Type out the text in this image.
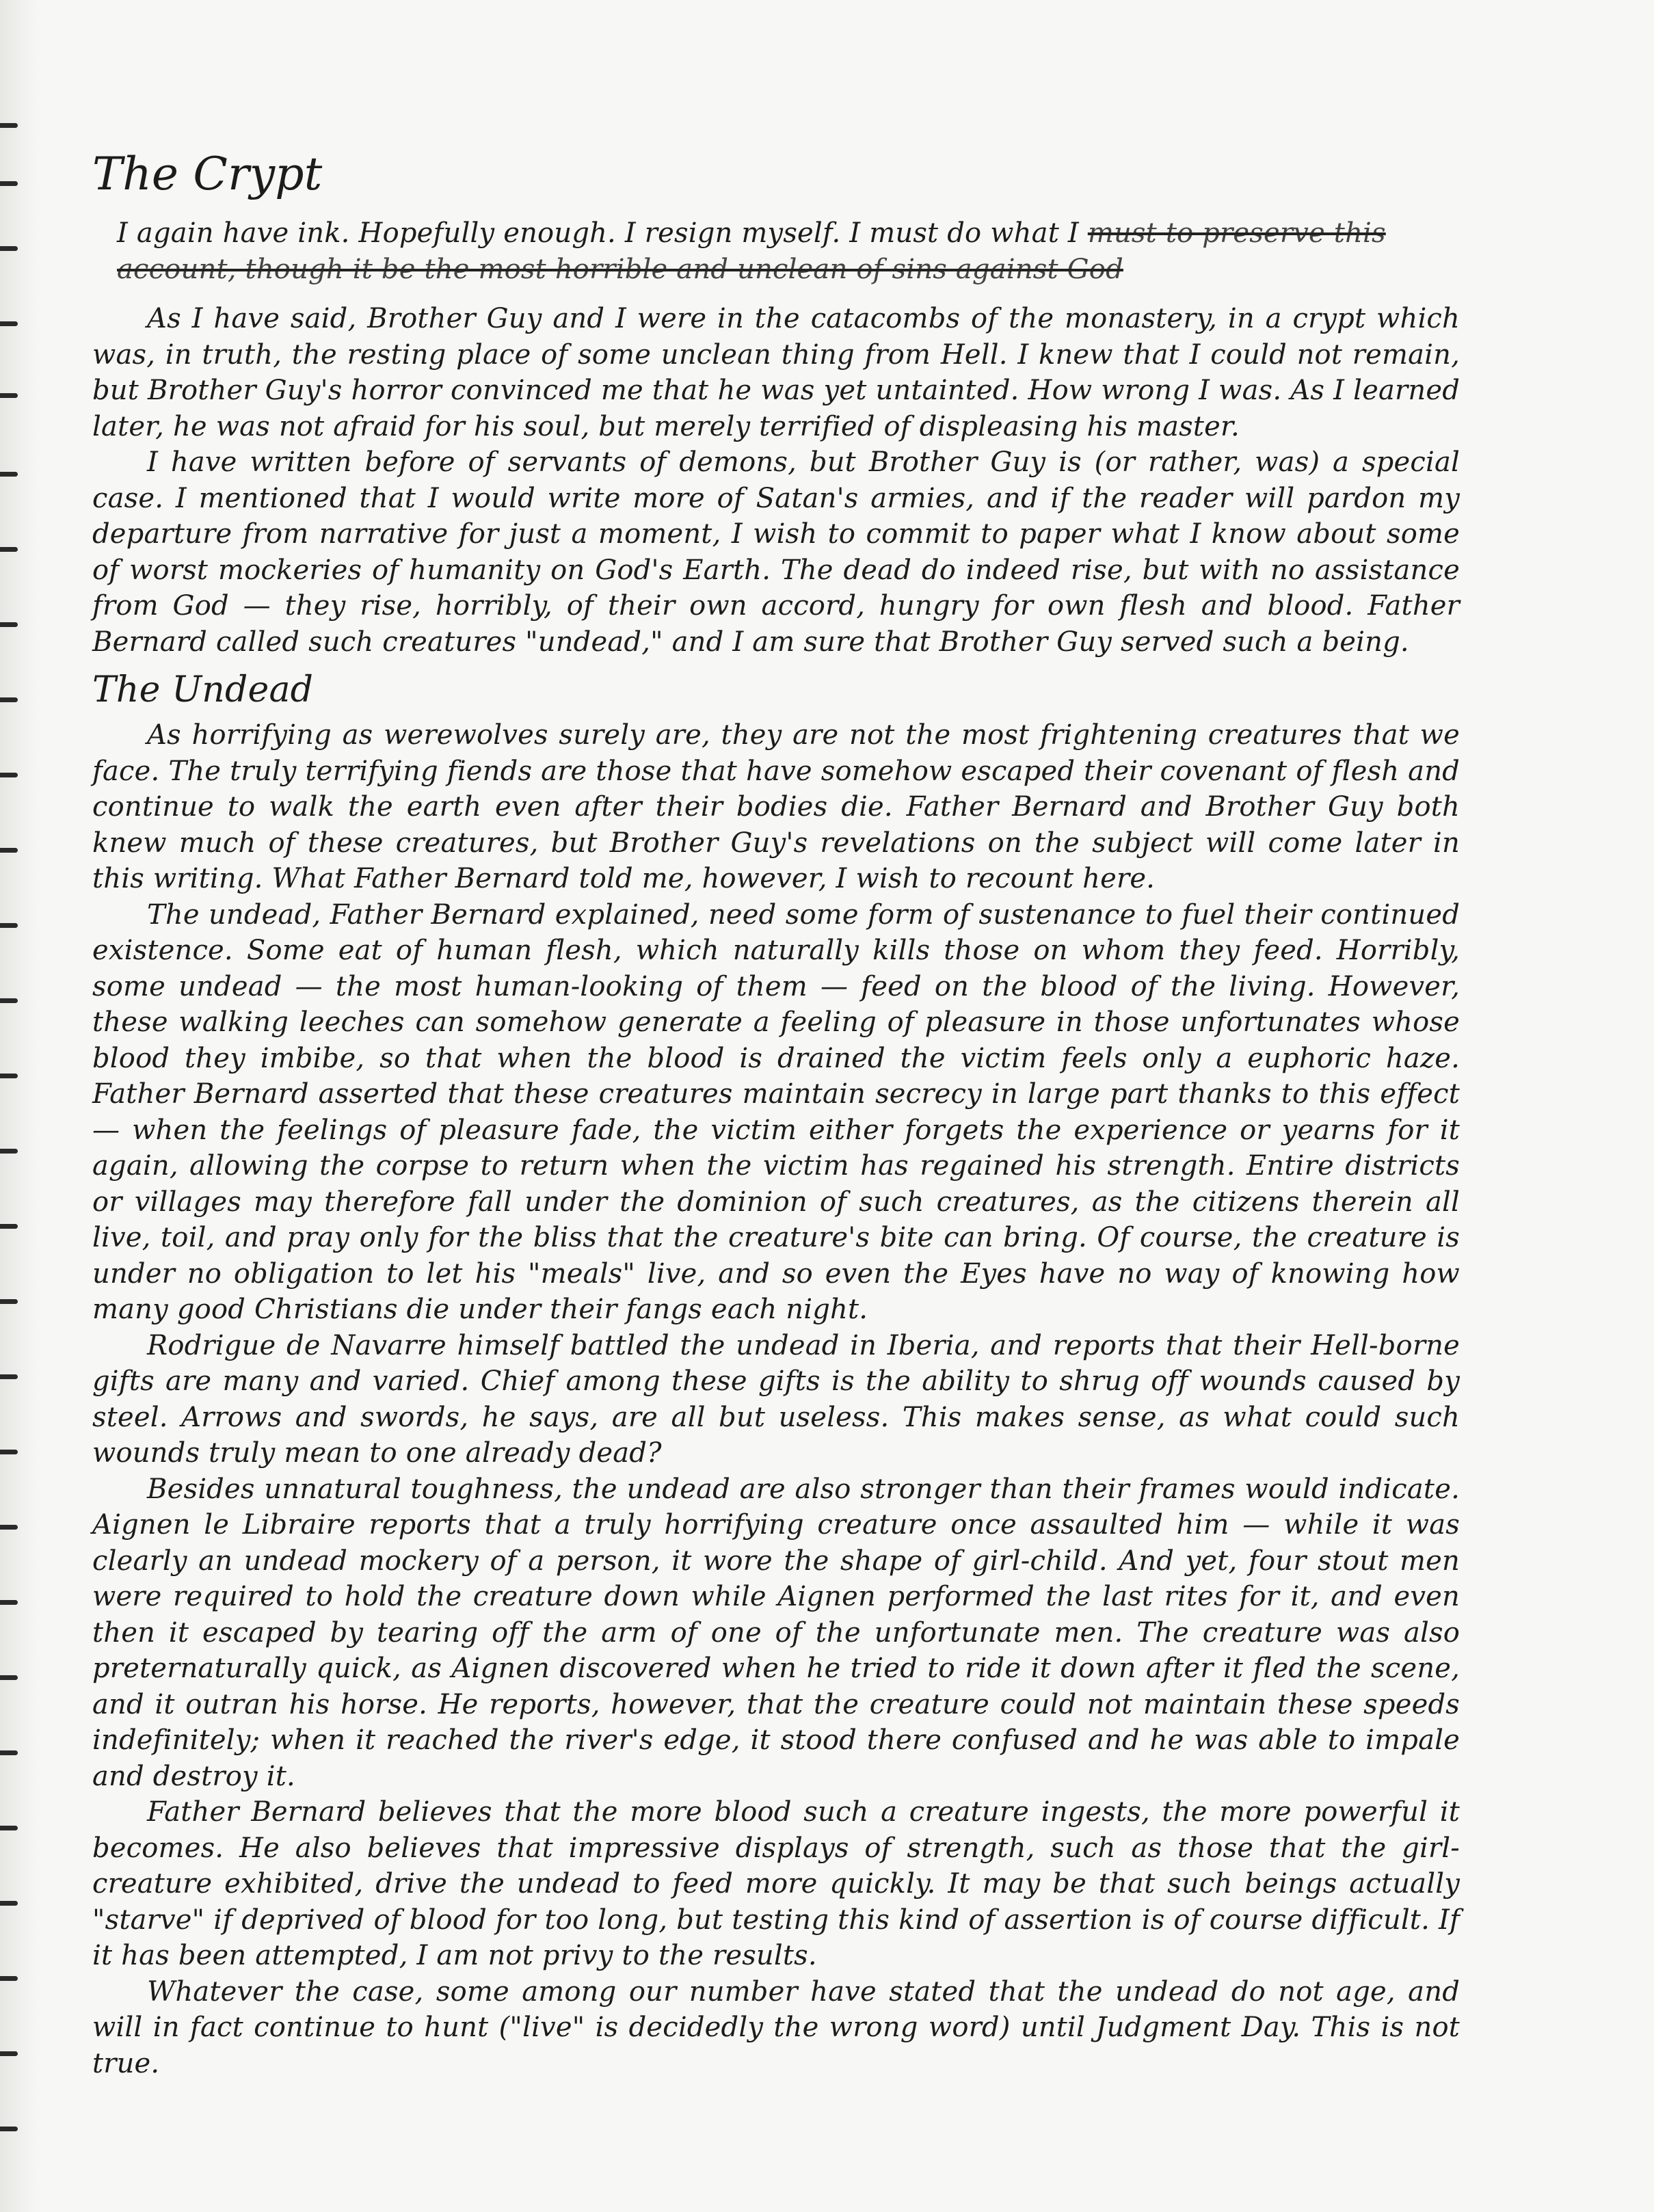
The Crypt
I again have ink. Hopefully enough. I resign myself. I must do what I must to preserve this account, though it be the most horrible and unclean of sins against God

As I have said, Brother Guy and I were in the catacombs of the monastery, in a crypt which was, in truth, the resting place of some unclean thing from Hell. I knew that I could not remain, but Brother Guy's horror convinced me that he was yet untainted. How wrong I was. As I learned later, he was not afraid for his soul, but merely terrified of displeasing his master.

I have written before of servants of demons, but Brother Guy is (or rather, was) a special case. I mentioned that I would write more of Satan's armies, and if the reader will pardon my departure from narrative for just a moment, I wish to commit to paper what I know about some of worst mockeries of humanity on God's Earth. The dead do indeed rise, but with no assistance from God — they rise, horribly, of their own accord, hungry for own flesh and blood. Father Bernard called such creatures "undead," and I am sure that Brother Guy served such a being.

The Undead

As horrifying as werewolves surely are, they are not the most frightening creatures that we face. The truly terrifying fiends are those that have somehow escaped their covenant of flesh and continue to walk the earth even after their bodies die. Father Bernard and Brother Guy both knew much of these creatures, but Brother Guy's revelations on the subject will come later in this writing. What Father Bernard told me, however, I wish to recount here.

The undead, Father Bernard explained, need some form of sustenance to fuel their continued existence. Some eat of human flesh, which naturally kills those on whom they feed. Horribly, some undead — the most human-looking of them — feed on the blood of the living. However, these walking leeches can somehow generate a feeling of pleasure in those unfortunates whose blood they imbibe, so that when the blood is drained the victim feels only a euphoric haze. Father Bernard asserted that these creatures maintain secrecy in large part thanks to this effect — when the feelings of pleasure fade, the victim either forgets the experience or yearns for it again, allowing the corpse to return when the victim has regained his strength. Entire districts or villages may therefore fall under the dominion of such creatures, as the citizens therein all live, toil, and pray only for the bliss that the creature's bite can bring. Of course, the creature is under no obligation to let his "meals" live, and so even the Eyes have no way of knowing how many good Christians die under their fangs each night.

Rodrigue de Navarre himself battled the undead in Iberia, and reports that their Hell-borne gifts are many and varied. Chief among these gifts is the ability to shrug off wounds caused by steel. Arrows and swords, he says, are all but useless. This makes sense, as what could such wounds truly mean to one already dead?

Besides unnatural toughness, the undead are also stronger than their frames would indicate. Aignen le Libraire reports that a truly horrifying creature once assaulted him — while it was clearly an undead mockery of a person, it wore the shape of girl-child. And yet, four stout men were required to hold the creature down while Aignen performed the last rites for it, and even then it escaped by tearing off the arm of one of the unfortunate men. The creature was also preternaturally quick, as Aignen discovered when he tried to ride it down after it fled the scene, and it outran his horse. He reports, however, that the creature could not maintain these speeds indefinitely; when it reached the river's edge, it stood there confused and he was able to impale and destroy it.

Father Bernard believes that the more blood such a creature ingests, the more powerful it becomes. He also believes that impressive displays of strength, such as those that the girl-creature exhibited, drive the undead to feed more quickly. It may be that such beings actually "starve" if deprived of blood for too long, but testing this kind of assertion is of course difficult. If it has been attempted, I am not privy to the results.

Whatever the case, some among our number have stated that the undead do not age, and will in fact continue to hunt ("live" is decidedly the wrong word) until Judgment Day. This is not true.
